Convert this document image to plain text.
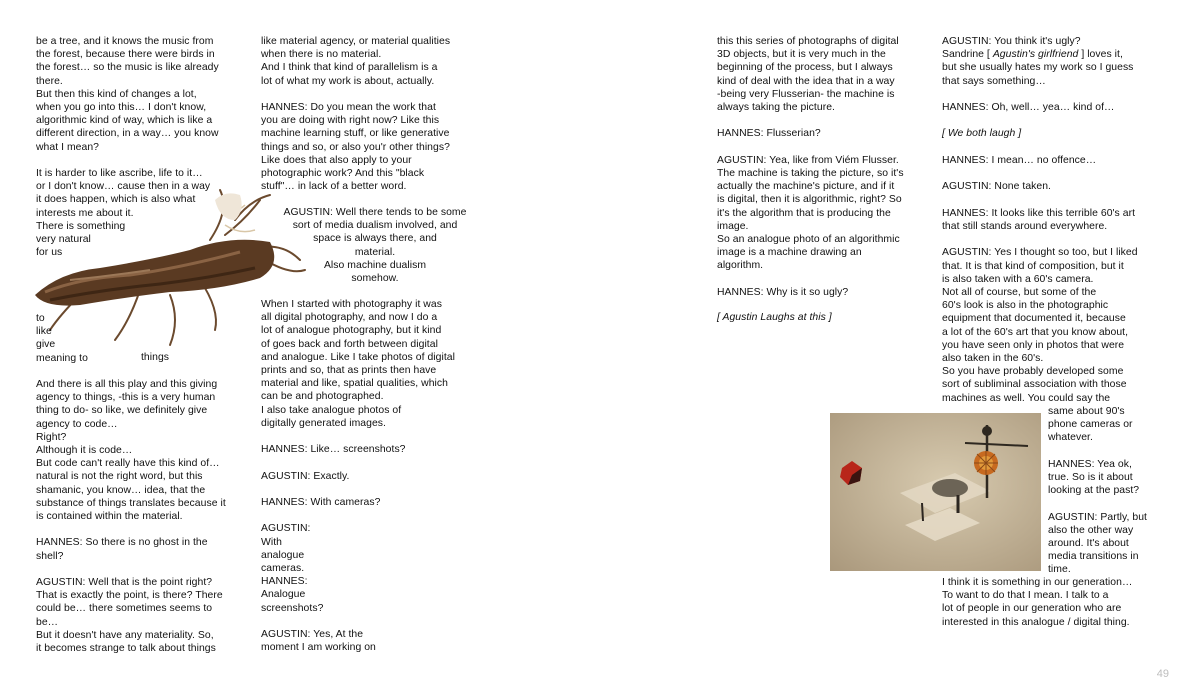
be a tree, and it knows the music from
the forest, because there were birds in
the forest… so the music is like already
there.
But then this kind of changes a lot,
when you go into this… I don't know,
algorithmic kind of way, which is like a
different direction, in a way… you know
what I mean?

It is harder to like ascribe, life to it…
or I don't know… cause then in a way
it does happen, which is also what
interests me about it.
There is something
very natural
for us
to
like
give
meaning to	things
And there is all this play and this giving
agency to things, -this is a very human
thing to do- so like, we definitely give
agency to code…
Right?
Although it is code…
But code can't really have this kind of…
natural is not the right word, but this
shamanic, you know… idea, that the
substance of things translates because it
is contained within the material.

HANNES: So there is no ghost in the
shell?

AGUSTIN: Well that is the point right?
That is exactly the point, is there? There
could be… there sometimes seems to
be…
But it doesn't have any materiality. So,
it becomes strange to talk about things
like material agency, or material qualities
when there is no material.
And I think that kind of parallelism is a
lot of what my work is about, actually.

HANNES: Do you mean the work that
you are doing with right now? Like this
machine learning stuff, or like generative
things and so, or also you'r other things?
Like does that also apply to your
photographic work? And this "black
stuff"… in lack of a better word.
AGUSTIN: Well there tends to be some
sort of media dualism involved, and
space is always there, and
material.
Also machine dualism
somehow.
When I started with photography it was
all digital photography, and now I do a
lot of analogue photography, but it kind
of goes back and forth between digital
and analogue. Like I take photos of digital
prints and so, that as prints then have
material and like, spatial qualities, which
can be and photographed.
I also take analogue photos of
digitally generated images.

HANNES: Like… screenshots?

AGUSTIN: Exactly.

HANNES: With cameras?

AGUSTIN:
With
analogue
cameras.
HANNES:
Analogue
screenshots?

AGUSTIN: Yes, At the
moment I am working on
this this series of photographs of digital
3D objects, but it is very much in the
beginning of the process, but I always
kind of deal with the idea that in a way
-being very Flusserian- the machine is
always taking the picture.

HANNES: Flusserian?

AGUSTIN: Yea, like from Viém Flusser.
The machine is taking the picture, so it's
actually the machine's picture, and if it
is digital, then it is algorithmic, right? So
it's the algorithm that is producing the
image.
So an analogue photo of an algorithmic
image is a machine drawing an
algorithm.

HANNES: Why is it so ugly?

[ Agustin Laughs at this ]
AGUSTIN: You think it's ugly?
Sandrine [ Agustin's girlfriend ] loves it,
but she usually hates my work so I guess
that says something…

HANNES: Oh, well… yea… kind of…

[ We both laugh ]
HANNES: I mean… no offence…

AGUSTIN: None taken.

HANNES: It looks like this terrible 60's art
that still stands around everywhere.

AGUSTIN: Yes I thought so too, but I liked
that. It is that kind of composition, but it
is also taken with a 60's camera.
Not all of course, but some of the
60's look is also in the photographic
equipment that documented it, because
a lot of the 60's art that you know about,
you have seen only in photos that were
also taken in the 60's.
So you have probably developed some
sort of subliminal association with those
machines as well. You could say the
same about 90's
phone cameras or
whatever.

HANNES: Yea ok,
true. So is it about
looking at the past?

AGUSTIN: Partly, but
also the other way
around. It's about
media transitions in
time.
I think it is something in our generation…
To want to do that I mean. I talk to a
lot of people in our generation who are
interested in this analogue / digital thing.
49
